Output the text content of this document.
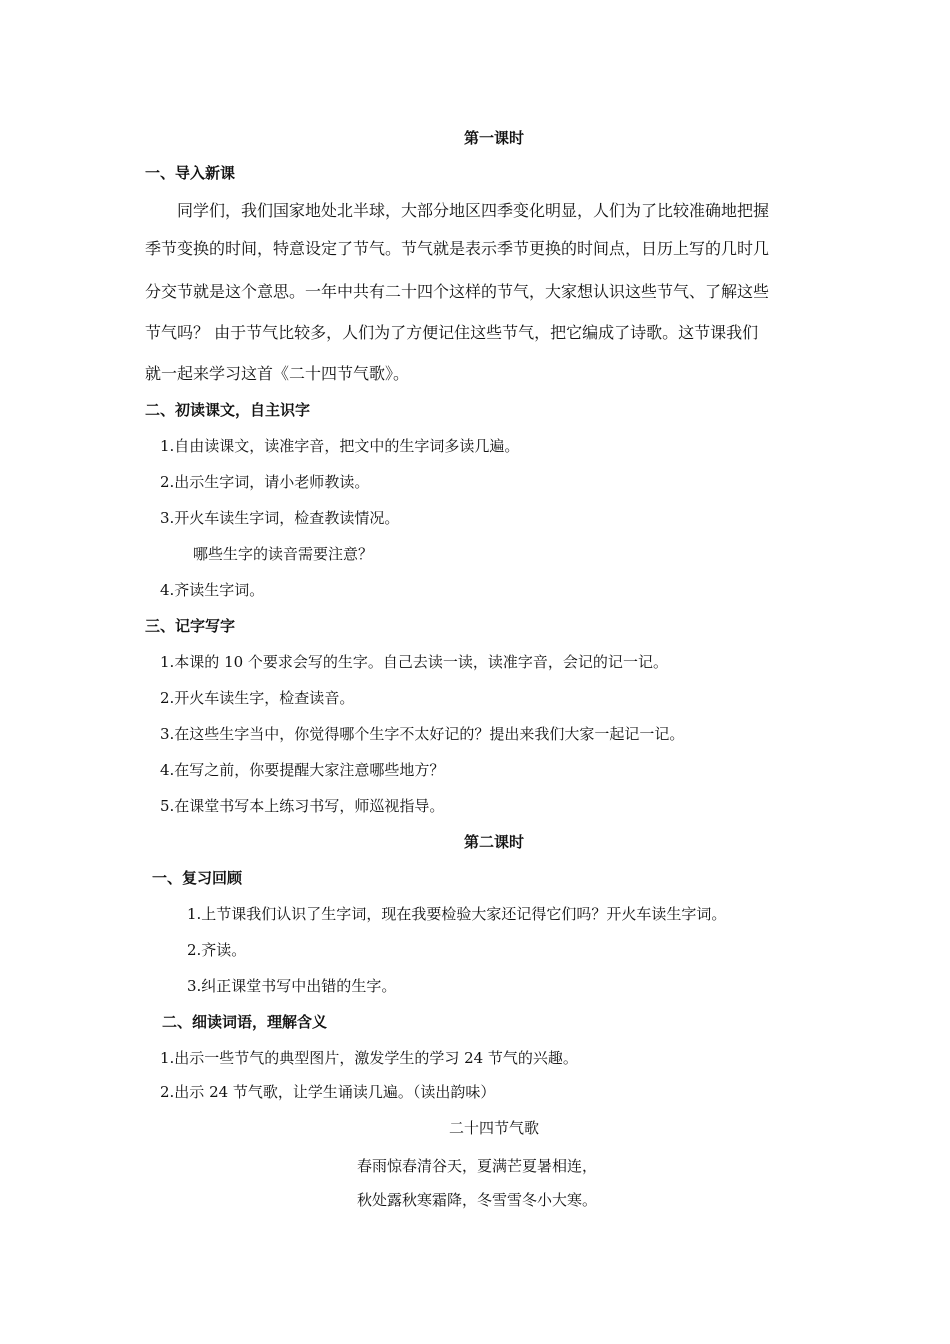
第一课时
一、导入新课
同学们，我们国家地处北半球，大部分地区四季变化明显，人们为了比较准确地把握
季节变换的时间，特意设定了节气。节气就是表示季节更换的时间点，日历上写的几时几
分交节就是这个意思。一年中共有二十四个这样的节气，大家想认识这些节气、了解这些
节气吗？ 由于节气比较多，人们为了方便记住这些节气，把它编成了诗歌。这节课我们
就一起来学习这首《二十四节气歌》。
二、初读课文，自主识字
1.自由读课文，读准字音，把文中的生字词多读几遍。
2.出示生字词，请小老师教读。
3.开火车读生字词，检查教读情况。
哪些生字的读音需要注意？
4.齐读生字词。
三、记字写字
1.本课的 10 个要求会写的生字。自己去读一读，读准字音，会记的记一记。
2.开火车读生字，检查读音。
3.在这些生字当中，你觉得哪个生字不太好记的？提出来我们大家一起记一记。
4.在写之前，你要提醒大家注意哪些地方？
5.在课堂书写本上练习书写，师巡视指导。
第二课时
一、复习回顾
1.上节课我们认识了生字词，现在我要检验大家还记得它们吗？开火车读生字词。
2.齐读。
3.纠正课堂书写中出错的生字。
二、细读词语，理解含义
1.出示一些节气的典型图片，激发学生的学习 24 节气的兴趣。
2.出示 24 节气歌，让学生诵读几遍。（读出韵味）
二十四节气歌
春雨惊春清谷天，夏满芒夏暑相连，
秋处露秋寒霜降，冬雪雪冬小大寒。
